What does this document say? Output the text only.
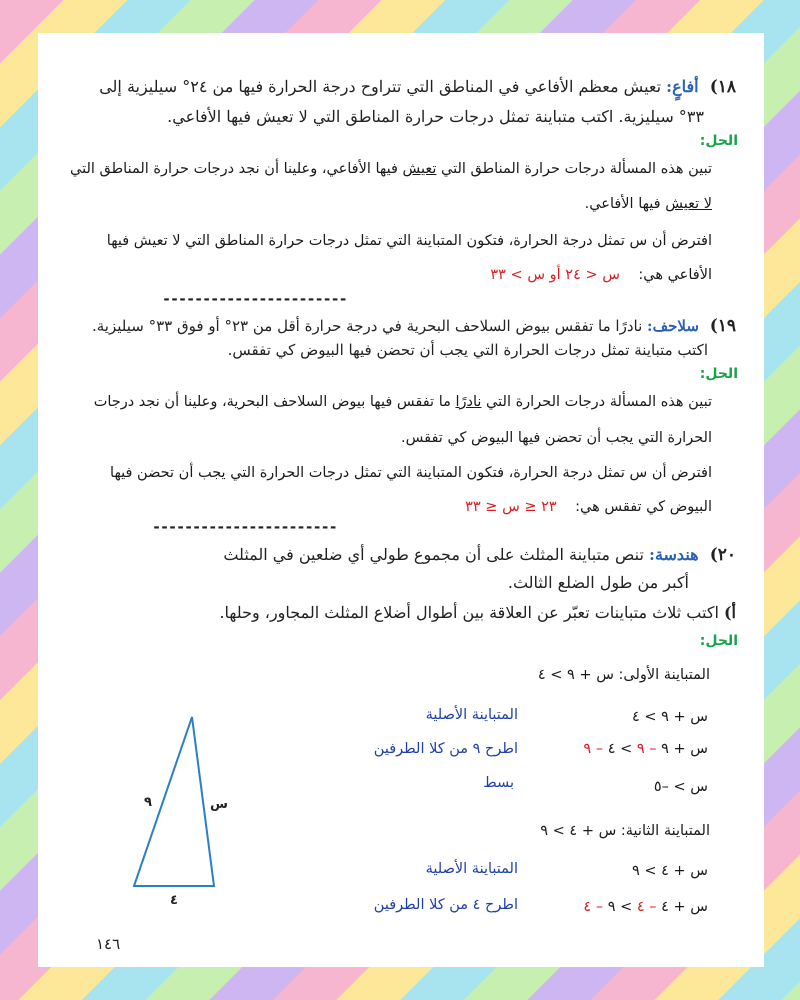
١٨) أفاعٍ: تعيش معظم الأفاعي في المناطق التي تتراوح درجة الحرارة فيها من ٢٤° سيليزية إلى
٣٣° سيليزية. اكتب متباينة تمثل درجات حرارة المناطق التي لا تعيش فيها الأفاعي.
الحل:
تبين هذه المسألة درجات حرارة المناطق التي تعيش فيها الأفاعي، وعلينا أن نجد درجات حرارة المناطق التي
لا تعيش فيها الأفاعي.
افترض أن س تمثل درجة الحرارة، فتكون المتباينة التي تمثل درجات حرارة المناطق التي لا تعيش فيها
الأفاعي هي:    س < ٢٤ أو س > ٣٣
-----------------------
١٩) سلاحف: نادرًا ما تفقس بيوض السلاحف البحرية في درجة حرارة أقل من ٢٣° أو فوق ٣٣° سيليزية.
اكتب متباينة تمثل درجات الحرارة التي يجب أن تحضن فيها البيوض كي تفقس.
الحل:
تبين هذه المسألة درجات الحرارة التي نادرًا ما تفقس فيها بيوض السلاحف البحرية، وعلينا أن نجد درجات
الحرارة التي يجب أن تحضن فيها البيوض كي تفقس.
افترض أن س تمثل درجة الحرارة، فتكون المتباينة التي تمثل درجات الحرارة التي يجب أن تحضن فيها
البيوض كي تفقس هي:    ٢٣ ≤ س ≤ ٣٣
-----------------------
٢٠) هندسة: تنص متباينة المثلث على أن مجموع طولي أي ضلعين في المثلث
أكبر من طول الضلع الثالث.
أ) اكتب ثلاث متباينات تعبّر عن العلاقة بين أطوال أضلاع المثلث المجاور، وحلها.
الحل:
المتباينة الأولى: س + ٩ > ٤
س + ٩ > ٤
المتباينة الأصلية
س + ٩ – ٩ > ٤ – ٩
اطرح ٩ من كلا الطرفين
س > –٥
بسط
المتباينة الثانية: س + ٤ > ٩
س + ٤ > ٩
المتباينة الأصلية
س + ٤ – ٤ > ٩ – ٤
اطرح ٤ من كلا الطرفين
س
٩
٤
١٤٦
